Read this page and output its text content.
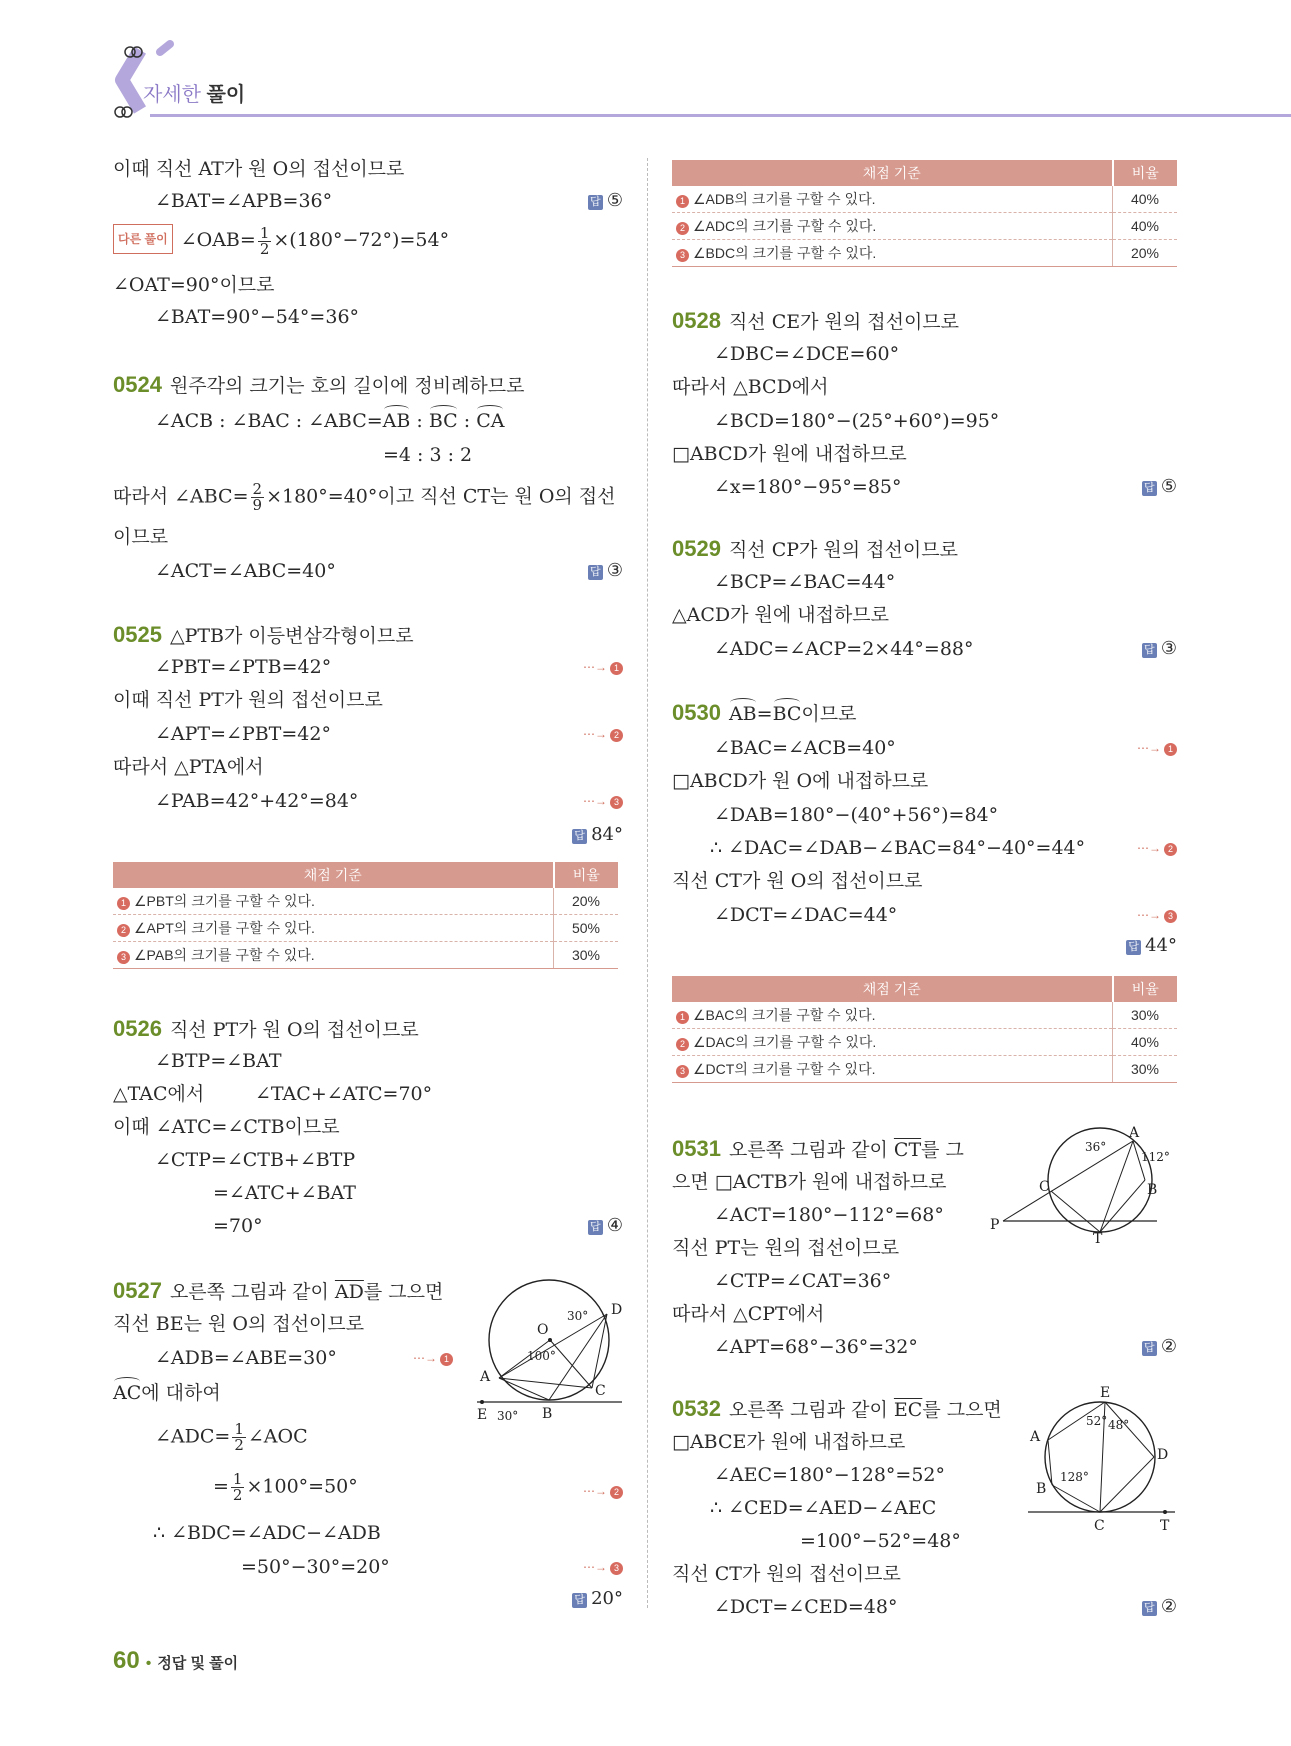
자세한 풀이
이때 직선 AT가 원 O의 접선이므로
∠BAT=∠APB=36°	답 ⑤
다른 풀이 ∠OAB= $\frac{1}{2} \times(180^\circ-72^\circ)=54^\circ$
∠OAT=90°이므로
∠BAT=90°−54°=36°
0524 원주각의 크기는 호의 길이에 정비례하므로
∠ACB : ∠BAC : ∠ABC=AB : BC : CA
=4 : 3 : 2
따라서 ∠ABC= $\frac{2}{9} \times 180^\circ=40^\circ$이고 직선 CT는 원 O의 접선
이므로
∠ACT=∠ABC=40°	답 ③
0525 △PTB가 이등변삼각형이므로
∠PBT=∠PTB=42°	⋯→ 1
이때 직선 PT가 원의 접선이므로
∠APT=∠PBT=42°	⋯→ 2
따라서 △PTA에서
∠PAB=42°+42°=84°	⋯→ 3
답 84°
채점 기준	비율
1 ∠PBT의 크기를 구할 수 있다.	20%
2 ∠APT의 크기를 구할 수 있다.	50%
3 ∠PAB의 크기를 구할 수 있다.	30%
0526 직선 PT가 원 O의 접선이므로
∠BTP=∠BAT
△TAC에서	∠TAC+∠ATC=70°
이때 ∠ATC=∠CTB이므로
∠CTP=∠CTB+∠BTP
=∠ATC+∠BAT
=70°	답 ④
0527 오른쪽 그림과 같이 $\overline{AD}$를 그으면
직선 BE는 원 O의 접선이므로
∠ADB=∠ABE=30°	⋯→ 1
AC에 대하여
∠ADC= $\frac{1}{2}$ ∠AOC
= $\frac{1}{2} \times 100^\circ=50^\circ$	⋯→ 2
∴ ∠BDC=∠ADC−∠ADB
=50°−30°=20°	⋯→ 3
답 20°
O
D
A
C
E	B
30°
100°
30°
채점 기준	비율
1 ∠ADB의 크기를 구할 수 있다.	40%
2 ∠ADC의 크기를 구할 수 있다.	40%
3 ∠BDC의 크기를 구할 수 있다.	20%
0528 직선 CE가 원의 접선이므로
∠DBC=∠DCE=60°
따라서 △BCD에서
∠BCD=180°−(25°+60°)=95°
□ABCD가 원에 내접하므로
∠x=180°−95°=85°	답 ⑤
0529 직선 CP가 원의 접선이므로
∠BCP=∠BAC=44°
△ACD가 원에 내접하므로
∠ADC=∠ACP=2×44°=88°	답 ③
0530 AB=BC이므로
∠BAC=∠ACB=40°	⋯→ 1
□ABCD가 원 O에 내접하므로
∠DAB=180°−(40°+56°)=84°
∴ ∠DAC=∠DAB−∠BAC=84°−40°=44°	⋯→ 2
직선 CT가 원 O의 접선이므로
∠DCT=∠DAC=44°	⋯→ 3
답 44°
채점 기준	비율
1 ∠BAC의 크기를 구할 수 있다.	30%
2 ∠DAC의 크기를 구할 수 있다.	40%
3 ∠DCT의 크기를 구할 수 있다.	30%
0531 오른쪽 그림과 같이 $\overline{CT}$를 그
으면 □ACTB가 원에 내접하므로
∠ACT=180°−112°=68°
직선 PT는 원의 접선이므로
∠CTP=∠CAT=36°
따라서 △CPT에서
∠APT=68°−36°=32°	답 ②
0532 오른쪽 그림과 같이 $\overline{EC}$를 그으면
□ABCE가 원에 내접하므로
∠AEC=180°−128°=52°
∴ ∠CED=∠AED−∠AEC
=100°−52°=48°
직선 CT가 원의 접선이므로
∠DCT=∠CED=48°	답 ②
A
B
C
P
T
36°
112°
E
A
D
B
C	T
52° 48°
128°
60 • 정답 및 풀이
